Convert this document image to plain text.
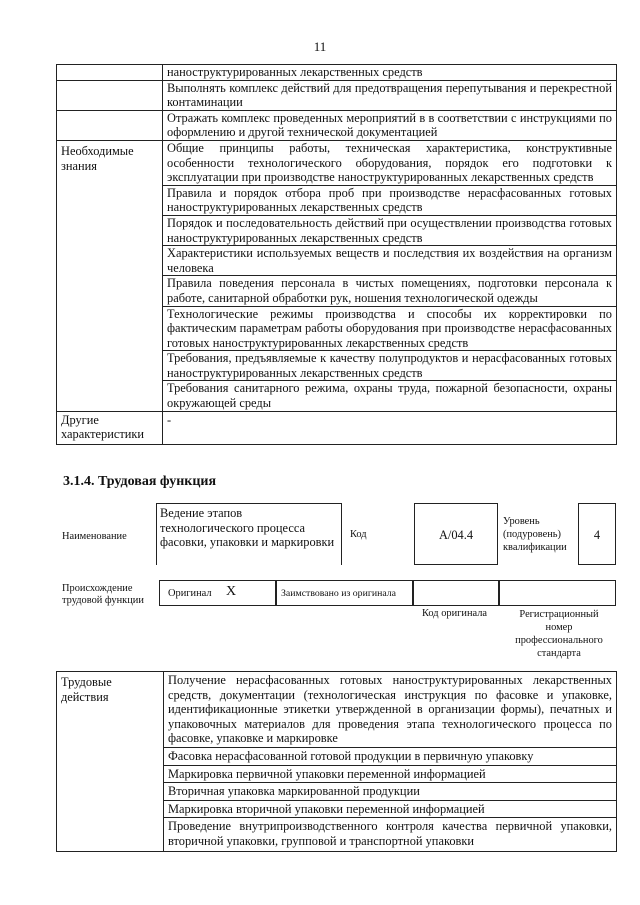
11
	наноструктурированных лекарственных средств
	Выполнять комплекс действий для предотвращения перепутывания и перекрестной контаминации
	Отражать комплекс проведенных мероприятий в в соответствии с инструкциями по оформлению и другой технической документацией
Необходимые знания	Общие принципы работы, техническая характеристика, конструктивные особенности технологического оборудования, порядок его подготовки к эксплуатации при производстве наноструктурированных лекарственных средств
	Правила и порядок отбора проб при производстве нерасфасованных готовых наноструктурированных лекарственных средств
	Порядок и последовательность действий при осуществлении производства готовых наноструктурированных лекарственных средств
	Характеристики используемых веществ и последствия их воздействия на организм человека
	Правила поведения персонала в чистых помещениях, подготовки персонала к работе, санитарной обработки рук, ношения технологической одежды
	Технологические режимы производства и способы их корректировки по фактическим параметрам работы оборудования при производстве нерасфасованных готовых наноструктурированных лекарственных средств
	Требования, предъявляемые к качеству полупродуктов и нерасфасованных готовых наноструктурированных лекарственных средств
	Требования санитарного режима, охраны труда, пожарной безопасности, охраны окружающей среды
Другие характеристики	-
3.1.4. Трудовая функция
Наименование
Ведение этапов технологического процесса фасовки, упаковки и маркировки
Код	А/04.4
Уровень (подуровень) квалификации
4
Происхождение трудовой функции
Оригинал X	Заимствовано из оригинала
Код оригинала	Регистрационный номер профессионального стандарта
Трудовые действия	Получение нерасфасованных готовых наноструктурированных лекарственных средств, документации (технологическая инструкция по фасовке и упаковке, идентификационные этикетки утвержденной в организации формы), печатных и упаковочных материалов для проведения этапа технологического процесса по фасовке, упаковке и маркировке
Фасовка нерасфасованной готовой продукции в первичную упаковку
Маркировка первичной упаковки переменной информацией
Вторичная упаковка маркированной продукции
Маркировка вторичной упаковки переменной информацией
Проведение внутрипроизводственного контроля качества первичной упаковки, вторичной упаковки, групповой и транспортной упаковки
